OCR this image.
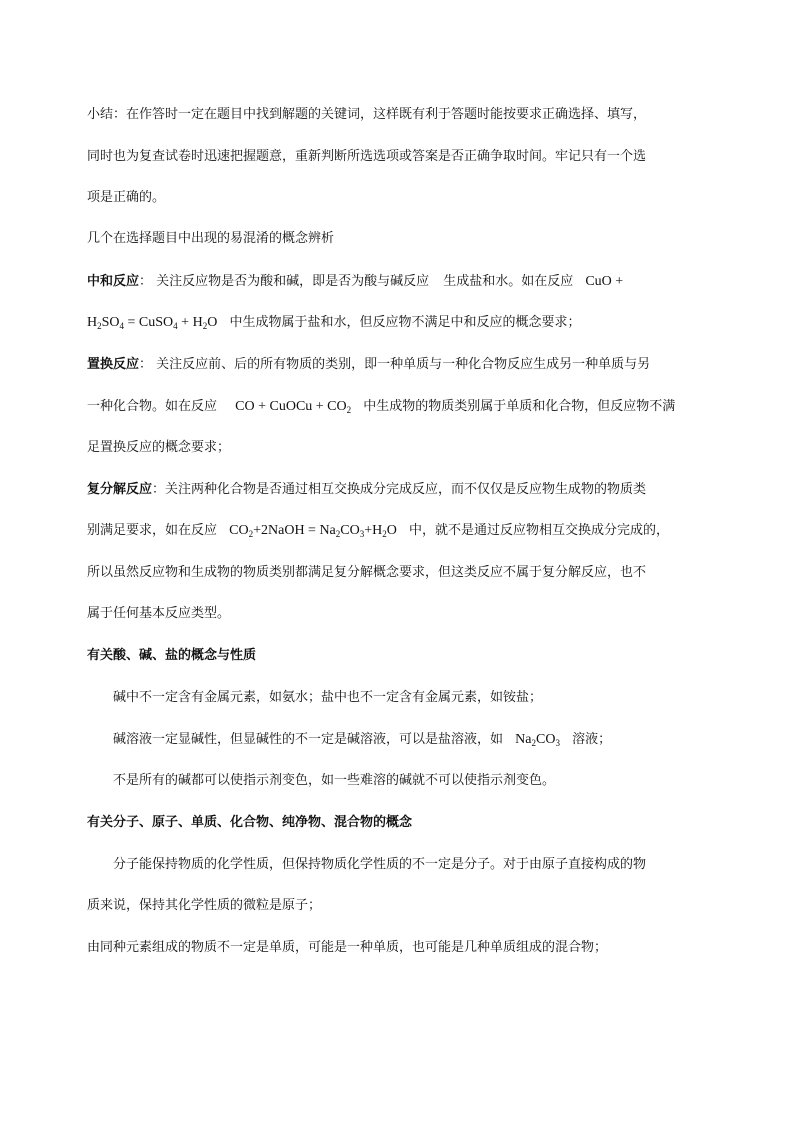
小结：在作答时一定在题目中找到解题的关键词，这样既有利于答题时能按要求正确选择、填写，
同时也为复查试卷时迅速把握题意，重新判断所选选项或答案是否正确争取时间。牢记只有一个选
项是正确的。
几个在选择题目中出现的易混淆的概念辨析
中和反应： 关注反应物是否为酸和碱，即是否为酸与碱反应 生成盐和水。如在反应 CuO +
$H_2SO_4$ = CuSO$_4$ + $H_2O$ 中生成物属于盐和水，但反应物不满足中和反应的概念要求；
置换反应： 关注反应前、后的所有物质的类别，即一种单质与一种化合物反应生成另一种单质与另
一种化合物。如在反应 CO + CuOCu + $CO_2$ 中生成物的物质类别属于单质和化合物，但反应物不满
足置换反应的概念要求；
复分解反应：关注两种化合物是否通过相互交换成分完成反应，而不仅仅是反应物生成物的物质类
别满足要求，如在反应 $CO_2+2NaOH = Na_2CO_3+H_2O$ 中，就不是通过反应物相互交换成分完成的，
所以虽然反应物和生成物的物质类别都满足复分解概念要求，但这类反应不属于复分解反应，也不
属于任何基本反应类型。
有关酸、碱、盐的概念与性质
碱中不一定含有金属元素，如氨水；盐中也不一定含有金属元素，如铵盐；
碱溶液一定显碱性，但显碱性的不一定是碱溶液，可以是盐溶液，如 $Na_2CO_3$ 溶液；
不是所有的碱都可以使指示剂变色，如一些难溶的碱就不可以使指示剂变色。
有关分子、原子、单质、化合物、纯净物、混合物的概念
分子能保持物质的化学性质，但保持物质化学性质的不一定是分子。对于由原子直接构成的物
质来说，保持其化学性质的微粒是原子；
由同种元素组成的物质不一定是单质，可能是一种单质，也可能是几种单质组成的混合物；
